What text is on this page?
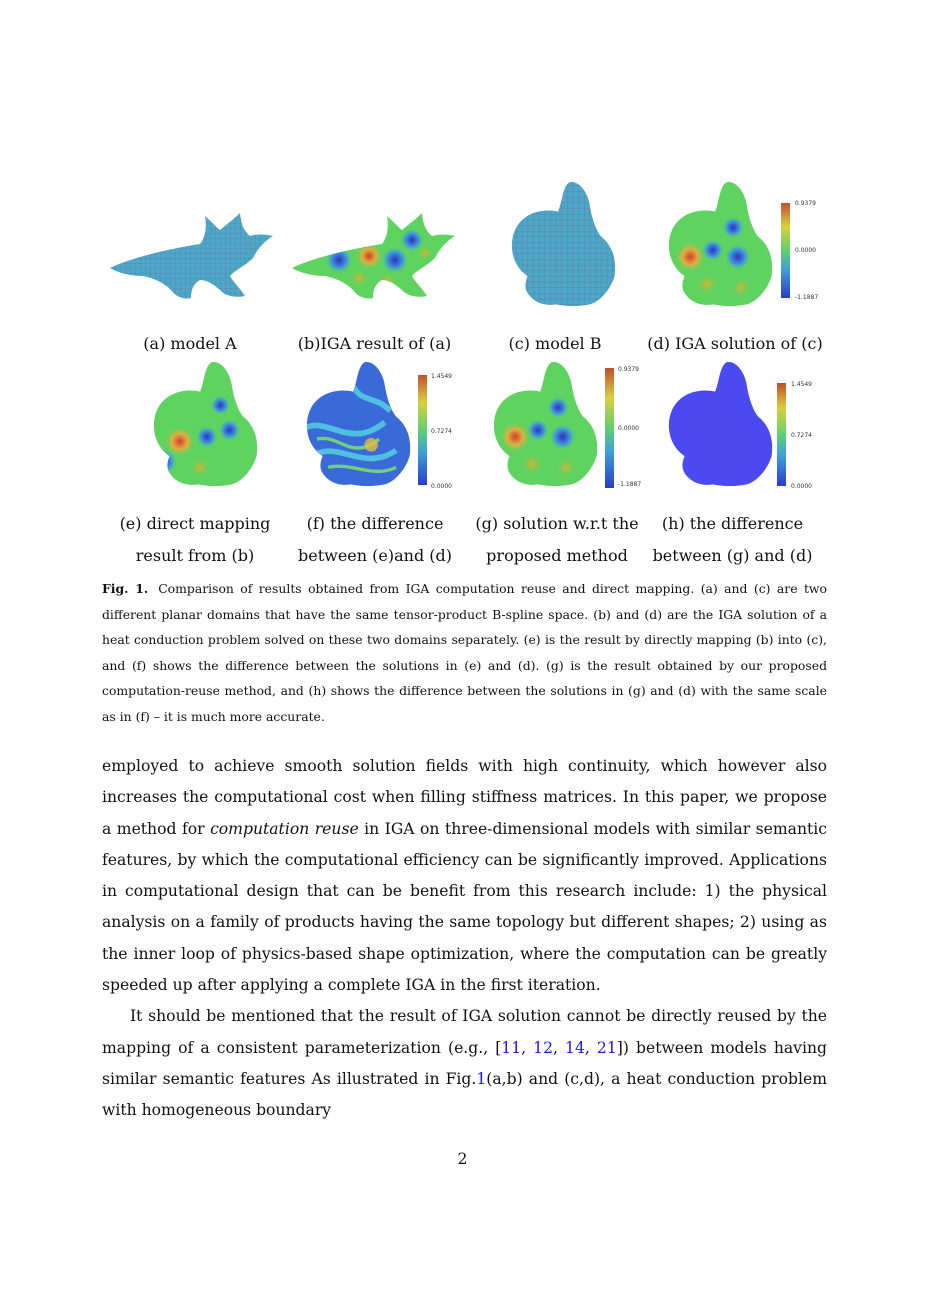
(a) model A	(b)IGA result of (a)	(c) model B
0.9379
0.0000
-1.1887
(d) IGA solution of (c)
(e) direct mapping
result from (b)
1.4549
0.7274
0.0000
(f) the difference
between (e)and (d)
0.9379
0.0000
-1.1887
(g) solution w.r.t the
proposed method
1.4549
0.7274
0.0000
(h) the difference
between (g) and (d)
Fig. 1. Comparison of results obtained from IGA computation reuse and direct mapping. (a) and (c) are two different planar domains that have the same tensor-product B-spline space. (b) and (d) are the IGA solution of a heat conduction problem solved on these two domains separately. (e) is the result by directly mapping (b) into (c), and (f) shows the difference between the solutions in (e) and (d). (g) is the result obtained by our proposed computation-reuse method, and (h) shows the difference between the solutions in (g) and (d) with the same scale as in (f) – it is much more accurate.

employed to achieve smooth solution fields with high continuity, which however also increases the computational cost when filling stiffness matrices. In this paper, we propose a method for computation reuse in IGA on three-dimensional models with similar semantic features, by which the computational efficiency can be significantly improved. Applications in computational design that can be benefit from this research include: 1) the physical analysis on a family of products having the same topology but different shapes; 2) using as the inner loop of physics-based shape optimization, where the computation can be greatly speeded up after applying a complete IGA in the first iteration.

It should be mentioned that the result of IGA solution cannot be directly reused by the mapping of a consistent parameterization (e.g., [11, 12, 14, 21]) between models having similar semantic features As illustrated in Fig.1(a,b) and (c,d), a heat conduction problem with homogeneous boundary

2
